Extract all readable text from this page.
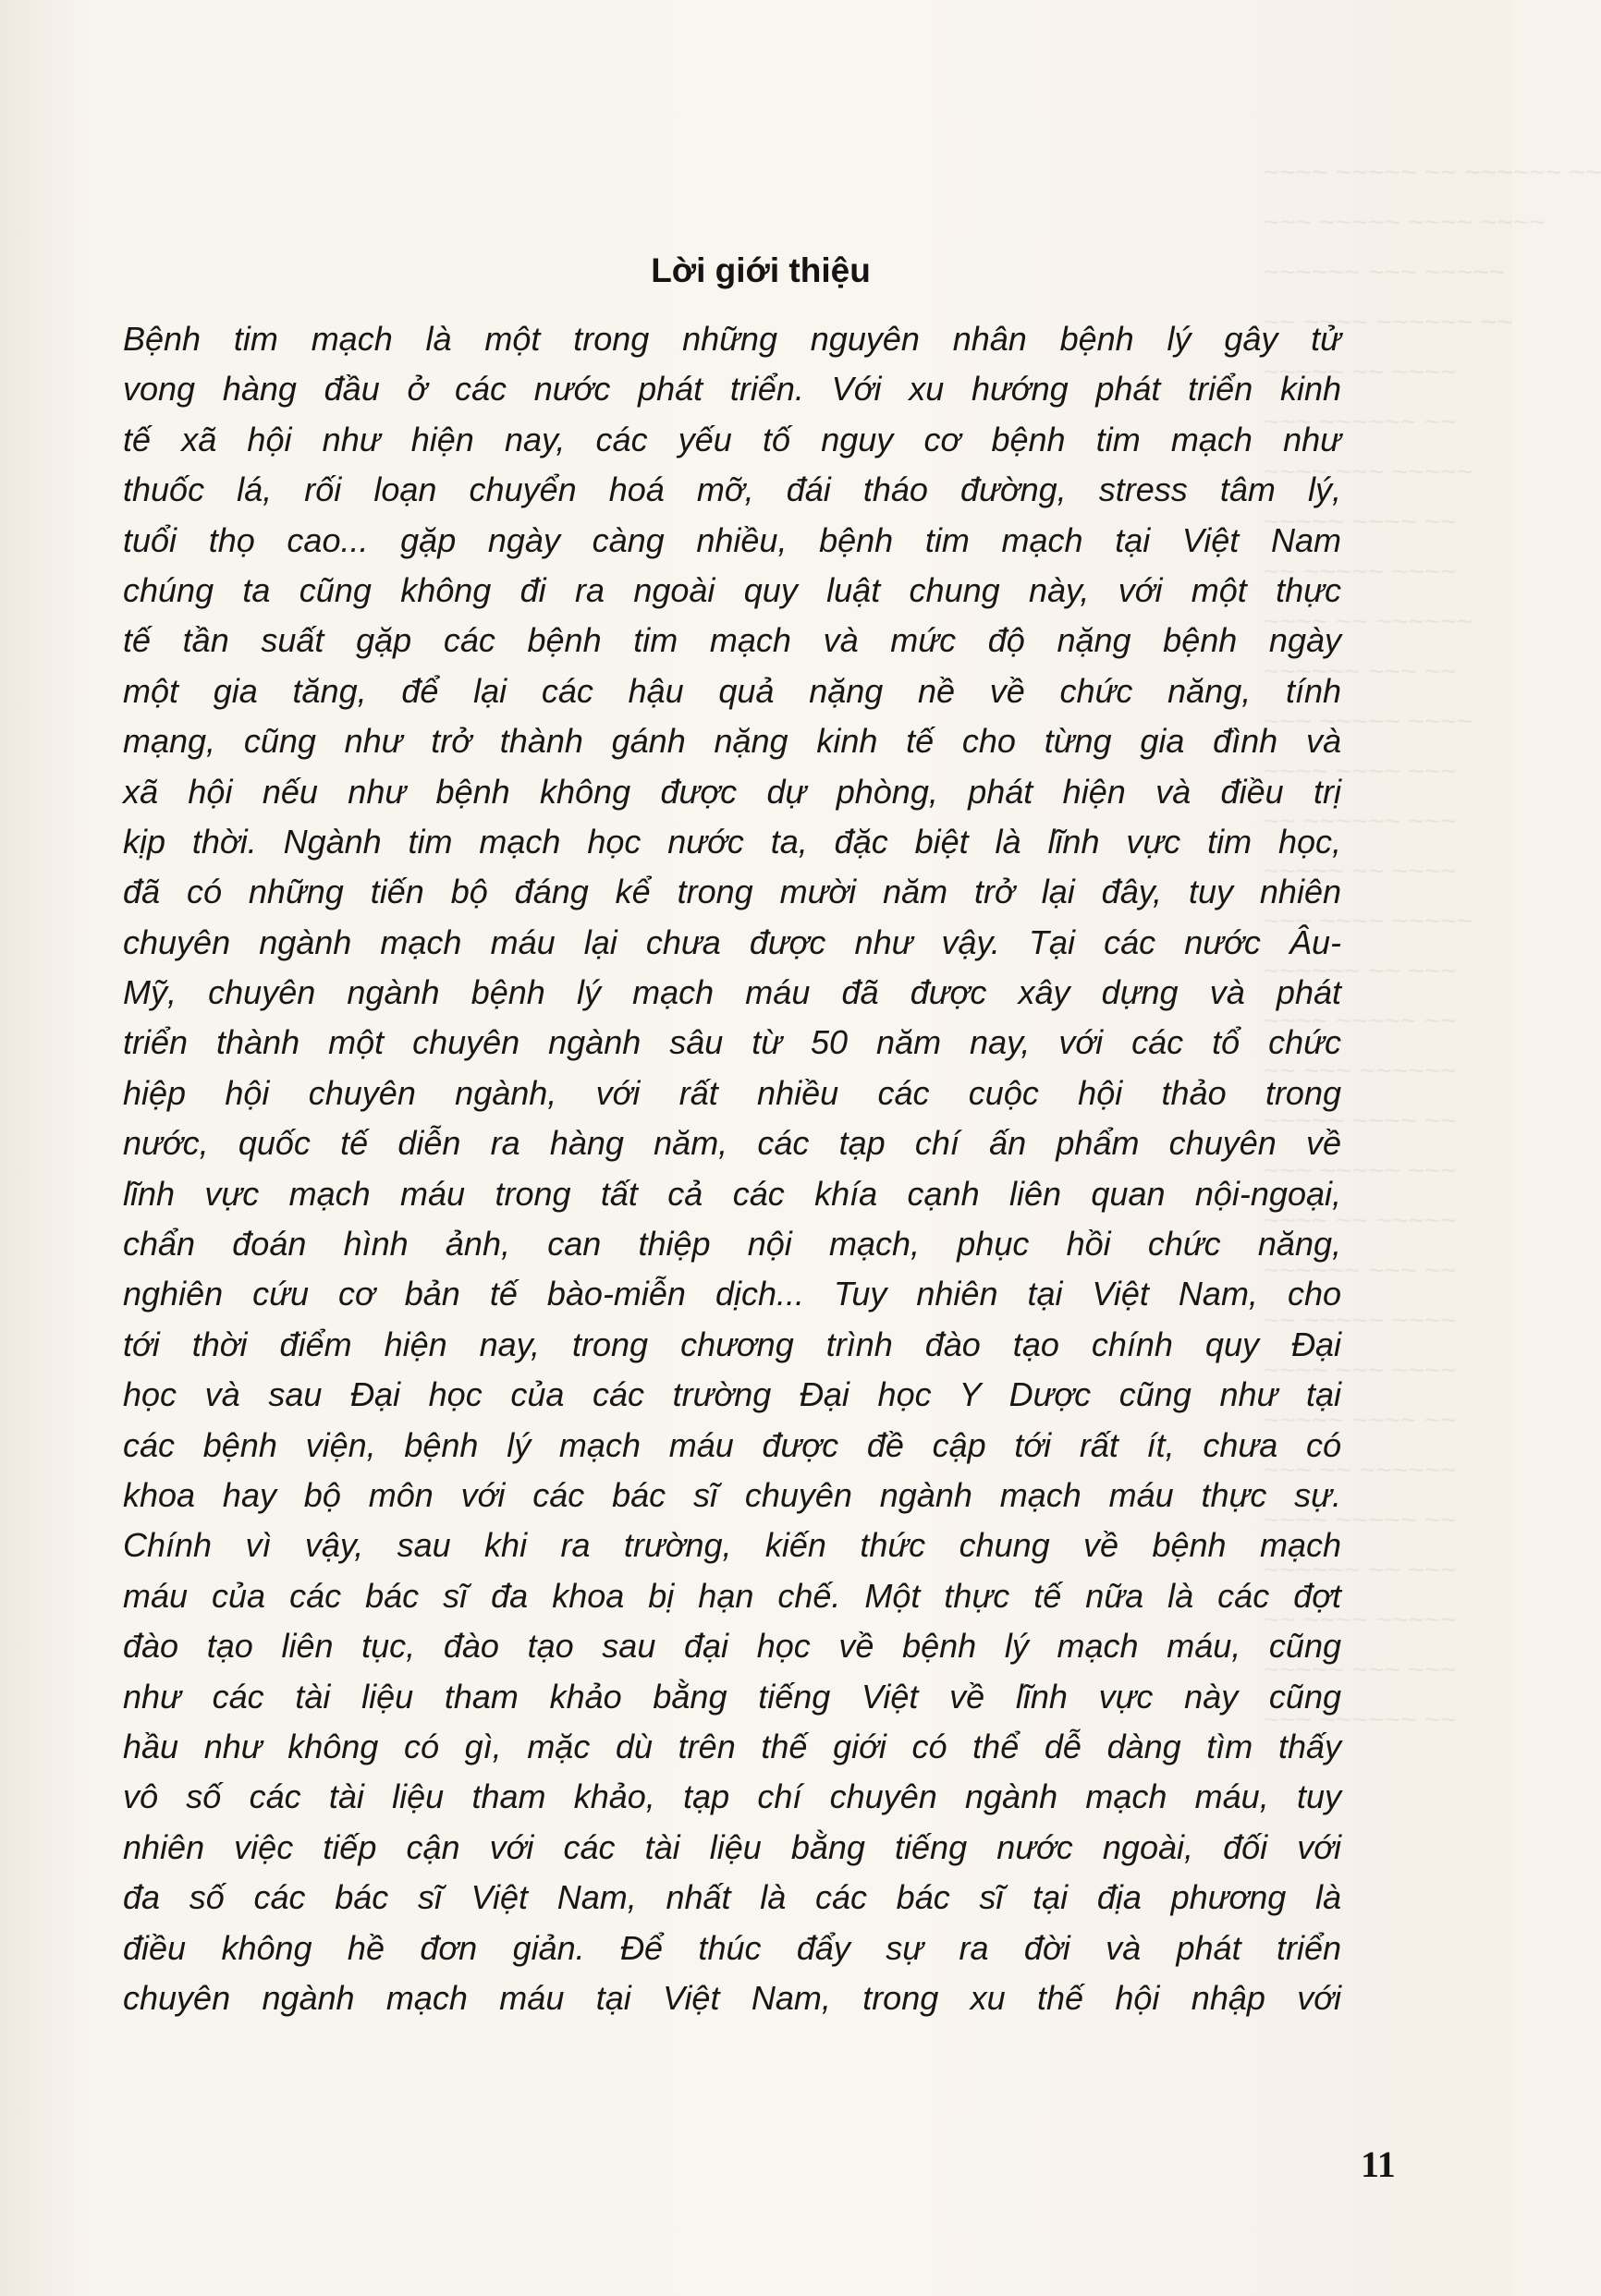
~~~~ ~~~~~ ~~ ~~~~~~ ~~
~~~ ~~~~~ ~~~~ ~~~~
~~~~~~ ~~~ ~~~~~
~~ ~~~~ ~~~~~~ ~~
~~~~~ ~~ ~~~~
~~~ ~~~~~~ ~~
~~~~ ~~~ ~~~~~
~~~~~ ~~~~ ~~
~~ ~~~~~ ~~~~
~~~~ ~~ ~~~~~~
~~~~~~ ~~~ ~~
~~~ ~~~~~ ~~~~
~~~~ ~~~~ ~~~
~~ ~~~~~~ ~~~
~~~~~ ~~ ~~~~
~~~ ~~~~ ~~~~~
~~~~~~ ~~ ~~~
~~~~ ~~~~~ ~~
~~ ~~~ ~~~~~~
~~~~~ ~~~~ ~~
~~~ ~~~~~ ~~~
~~~~ ~~ ~~~~~
~~~~~~ ~~~ ~~
~~ ~~~~~ ~~~~
~~~~ ~~~ ~~~~
~~~~~ ~~~~ ~~
~~~ ~~ ~~~~~~
~~~~ ~~~~~ ~~
~~~~~~ ~~ ~~~
~~ ~~~~ ~~~~~
~~~~~ ~~~ ~~~
~~~ ~~~~~~ ~~
Lời giới thiệu
Bệnh tim mạch là một trong những nguyên nhân bệnh lý gây tử
vong hàng đầu ở các nước phát triển. Với xu hướng phát triển kinh
tế xã hội như hiện nay, các yếu tố nguy cơ bệnh tim mạch như
thuốc lá, rối loạn chuyển hoá mỡ, đái tháo đường, stress tâm lý,
tuổi thọ cao... gặp ngày càng nhiều, bệnh tim mạch tại Việt Nam
chúng ta cũng không đi ra ngoài quy luật chung này, với một thực
tế tần suất gặp các bệnh tim mạch và mức độ nặng bệnh ngày
một gia tăng, để lại các hậu quả nặng nề về chức năng, tính
mạng, cũng như trở thành gánh nặng kinh tế cho từng gia đình và
xã hội nếu như bệnh không được dự phòng, phát hiện và điều trị
kịp thời. Ngành tim mạch học nước ta, đặc biệt là lĩnh vực tim học,
đã có những tiến bộ đáng kể trong mười năm trở lại đây, tuy nhiên
chuyên ngành mạch máu lại chưa được như vậy. Tại các nước Âu-
Mỹ, chuyên ngành bệnh lý mạch máu đã được xây dựng và phát
triển thành một chuyên ngành sâu từ 50 năm nay, với các tổ chức
hiệp hội chuyên ngành, với rất nhiều các cuộc hội thảo trong
nước, quốc tế diễn ra hàng năm, các tạp chí ấn phẩm chuyên về
lĩnh vực mạch máu trong tất cả các khía cạnh liên quan nội-ngoại,
chẩn đoán hình ảnh, can thiệp nội mạch, phục hồi chức năng,
nghiên cứu cơ bản tế bào-miễn dịch... Tuy nhiên tại Việt Nam, cho
tới thời điểm hiện nay, trong chương trình đào tạo chính quy Đại
học và sau Đại học của các trường Đại học Y Dược cũng như tại
các bệnh viện, bệnh lý mạch máu được đề cập tới rất ít, chưa có
khoa hay bộ môn với các bác sĩ chuyên ngành mạch máu thực sự.
Chính vì vậy, sau khi ra trường, kiến thức chung về bệnh mạch
máu của các bác sĩ đa khoa bị hạn chế. Một thực tế nữa là các đợt
đào tạo liên tục, đào tạo sau đại học về bệnh lý mạch máu, cũng
như các tài liệu tham khảo bằng tiếng Việt về lĩnh vực này cũng
hầu như không có gì, mặc dù trên thế giới có thể dễ dàng tìm thấy
vô số các tài liệu tham khảo, tạp chí chuyên ngành mạch máu, tuy
nhiên việc tiếp cận với các tài liệu bằng tiếng nước ngoài, đối với
đa số các bác sĩ Việt Nam, nhất là các bác sĩ tại địa phương là
điều không hề đơn giản. Để thúc đẩy sự ra đời và phát triển
chuyên ngành mạch máu tại Việt Nam, trong xu thế hội nhập với
11
